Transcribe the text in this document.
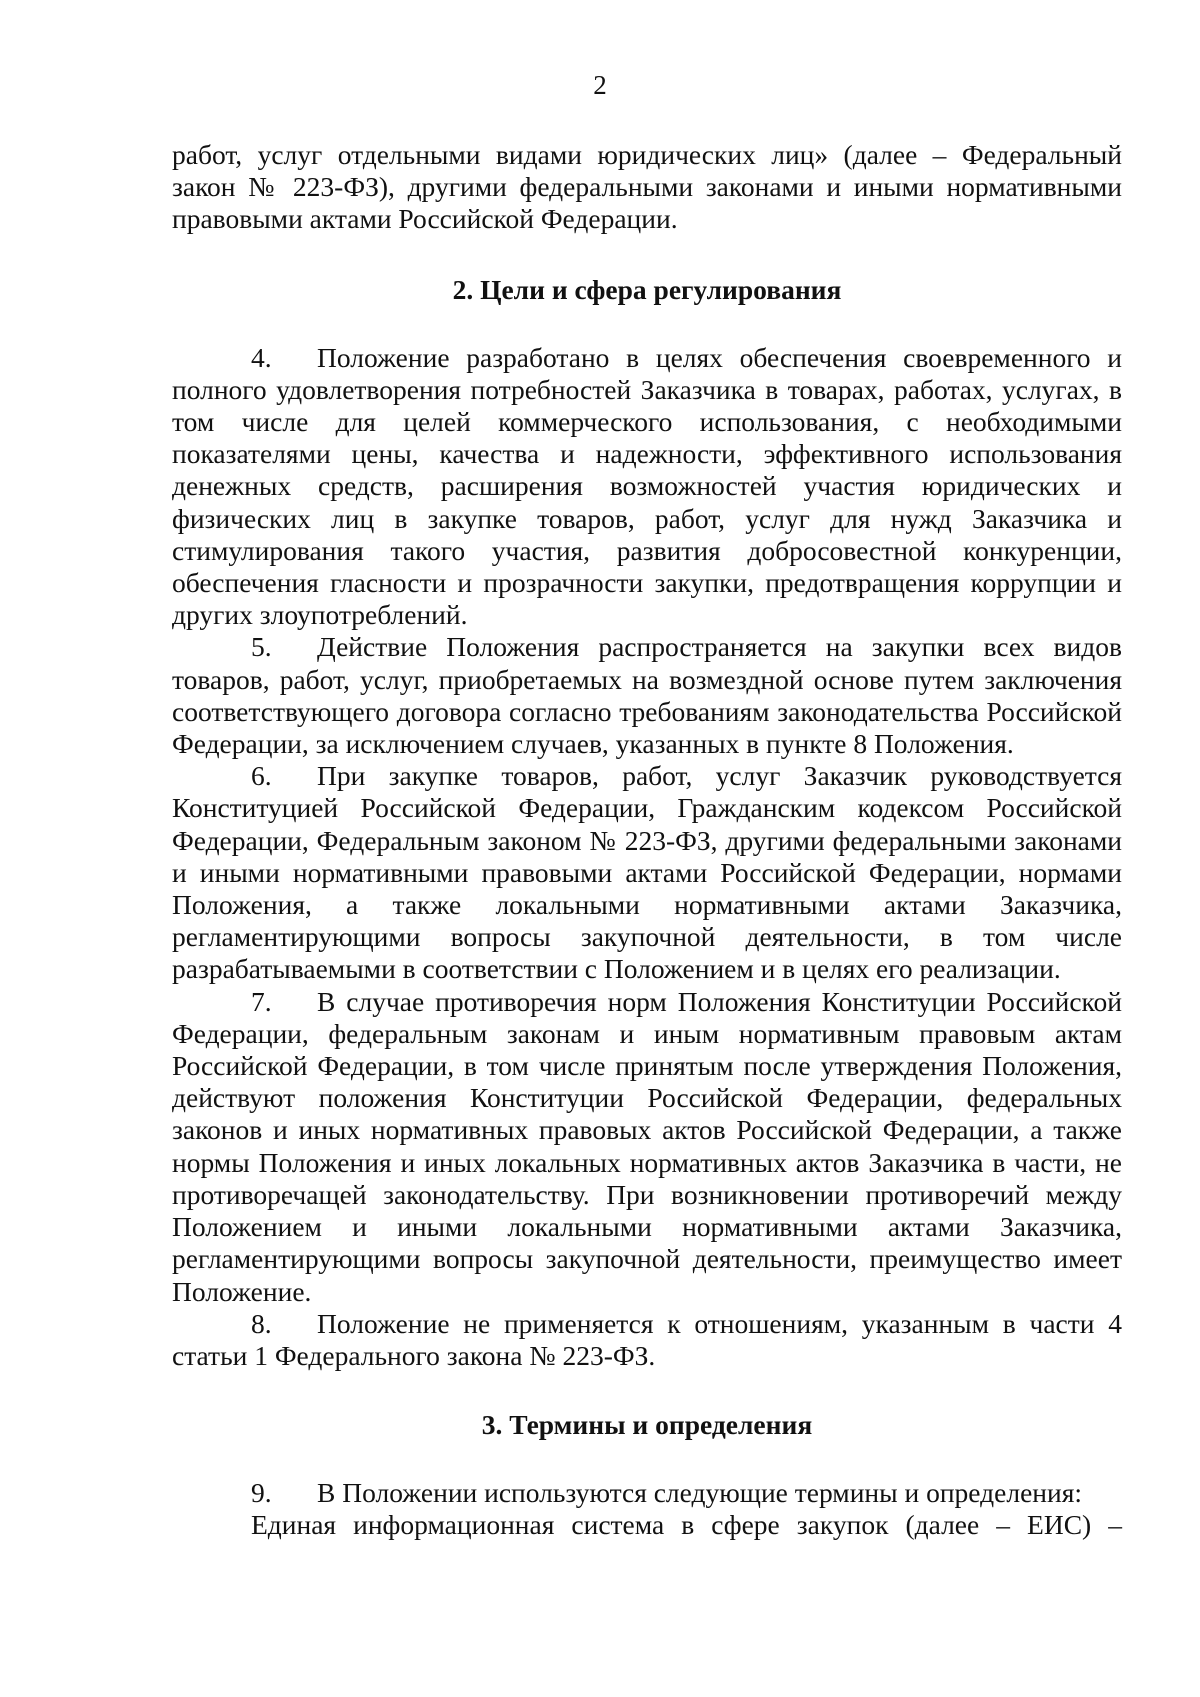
2

работ, услуг отдельными видами юридических лиц» (далее – Федеральный закон № 223-ФЗ), другими федеральными законами и иными нормативными правовыми актами Российской Федерации.

2. Цели и сфера регулирования

4. Положение разработано в целях обеспечения своевременного и полного удовлетворения потребностей Заказчика в товарах, работах, услугах, в том числе для целей коммерческого использования, с необходимыми показателями цены, качества и надежности, эффективного использования денежных средств, расширения возможностей участия юридических и физических лиц в закупке товаров, работ, услуг для нужд Заказчика и стимулирования такого участия, развития добросовестной конкуренции, обеспечения гласности и прозрачности закупки, предотвращения коррупции и других злоупотреблений.

5. Действие Положения распространяется на закупки всех видов товаров, работ, услуг, приобретаемых на возмездной основе путем заключения соответствующего договора согласно требованиям законодательства Российской Федерации, за исключением случаев, указанных в пункте 8 Положения.

6. При закупке товаров, работ, услуг Заказчик руководствуется Конституцией Российской Федерации, Гражданским кодексом Российской Федерации, Федеральным законом № 223-ФЗ, другими федеральными законами и иными нормативными правовыми актами Российской Федерации, нормами Положения, а также локальными нормативными актами Заказчика, регламентирующими вопросы закупочной деятельности, в том числе разрабатываемыми в соответствии с Положением и в целях его реализации.

7. В случае противоречия норм Положения Конституции Российской Федерации, федеральным законам и иным нормативным правовым актам Российской Федерации, в том числе принятым после утверждения Положения, действуют положения Конституции Российской Федерации, федеральных законов и иных нормативных правовых актов Российской Федерации, а также нормы Положения и иных локальных нормативных актов Заказчика в части, не противоречащей законодательству. При возникновении противоречий между Положением и иными локальными нормативными актами Заказчика, регламентирующими вопросы закупочной деятельности, преимущество имеет Положение.

8. Положение не применяется к отношениям, указанным в части 4 статьи 1 Федерального закона № 223-ФЗ.

3. Термины и определения

9. В Положении используются следующие термины и определения:

Единая информационная система в сфере закупок (далее – ЕИС) –
